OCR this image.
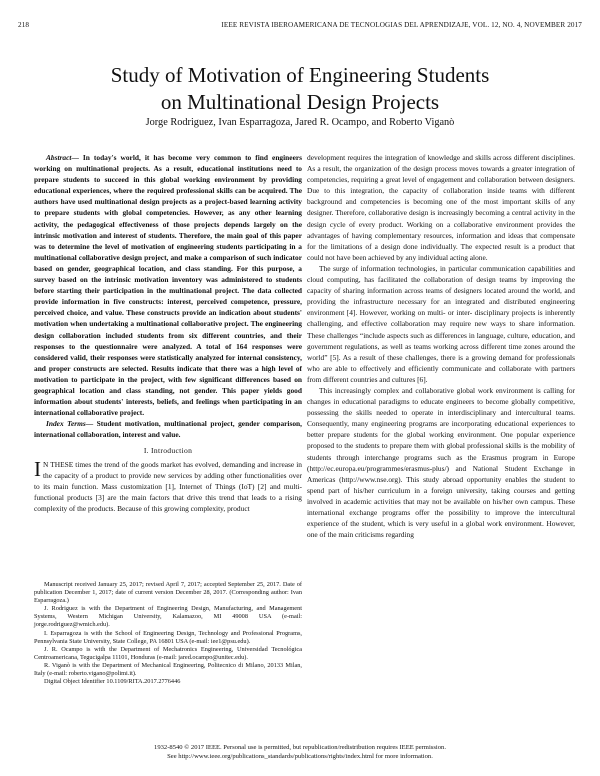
218	IEEE REVISTA IBEROAMERICANA DE TECNOLOGIAS DEL APRENDIZAJE, VOL. 12, NO. 4, NOVEMBER 2017
Study of Motivation of Engineering Students
on Multinational Design Projects
Jorge Rodriguez, Ivan Esparragoza, Jared R. Ocampo, and Roberto Viganò

Abstract— In today's world, it has become very common to find engineers working on multinational projects. As a result, educational institutions need to prepare students to succeed in this global working environment by providing educational experiences, where the required professional skills can be acquired. The authors have used multinational design projects as a project-based learning activity to prepare students with global competencies. However, as any other learning activity, the pedagogical effectiveness of those projects depends largely on the intrinsic motivation and interest of students. Therefore, the main goal of this paper was to determine the level of motivation of engineering students participating in a multinational collaborative design project, and make a comparison of such indicator based on gender, geographical location, and class standing. For this purpose, a survey based on the intrinsic motivation inventory was administered to students before starting their participation in the multinational project. The data collected provide information in five constructs: interest, perceived competence, pressure, perceived choice, and value. These constructs provide an indication about students' motivation when undertaking a multinational collaborative project. The engineering design collaboration included students from six different countries, and their responses to the questionnaire were analyzed. A total of 164 responses were considered valid, their responses were statistically analyzed for internal consistency, and proper constructs are selected. Results indicate that there was a high level of motivation to participate in the project, with few significant differences based on geographical location and class standing, not gender. This paper yields good information about students' interests, beliefs, and feelings when participating in an international collaborative project.

Index Terms— Student motivation, multinational project, gender comparison, international collaboration, interest and value.

I. Introduction

I N THESE times the trend of the goods market has evolved, demanding and increase in the capacity of a product to provide new services by adding other functionalities over to its main function. Mass customization [1], Internet of Things (IoT) [2] and multi-functional products [3] are the main factors that drive this trend that leads to a rising complexity of the products. Because of this growing complexity, product

Manuscript received January 25, 2017; revised April 7, 2017; accepted September 25, 2017. Date of publication December 1, 2017; date of current version December 28, 2017. (Corresponding author: Ivan Esparragoza.)

J. Rodriguez is with the Department of Engineering Design, Manufacturing, and Management Systems, Western Michigan University, Kalamazoo, MI 49008 USA (e-mail: jorge.rodriguez@wmich.edu).

I. Esparragoza is with the School of Engineering Design, Technology and Professional Programs, Pennsylvania State University, State College, PA 16801 USA (e-mail: iee1@psu.edu).

J. R. Ocampo is with the Department of Mechatronics Engineering, Universidad Tecnológica Centroamericana, Tegucigalpa 11101, Honduras (e-mail: jared.ocampo@unitec.edu).

R. Viganò is with the Department of Mechanical Engineering, Politecnico di Milano, 20133 Milan, Italy (e-mail: roberto.vigano@polimi.it).

Digital Object Identifier 10.1109/RITA.2017.2776446

development requires the integration of knowledge and skills across different disciplines. As a result, the organization of the design process moves towards a greater integration of competencies, requiring a great level of engagement and collaboration between designers. Due to this integration, the capacity of collaboration inside teams with different background and competencies is becoming one of the most important skills of any designer. Therefore, collaborative design is increasingly becoming a central activity in the design cycle of every product. Working on a collaborative environment provides the advantages of having complementary resources, information and ideas that compensate for the limitations of a design done individually. The expected result is a product that could not have been achieved by any individual acting alone.

The surge of information technologies, in particular communication capabilities and cloud computing, has facilitated the collaboration of design teams by improving the capacity of sharing information across teams of designers located around the world, and providing the infrastructure necessary for an integrated and distributed engineering environment [4]. However, working on multi- or inter- disciplinary projects is inherently challenging, and effective collaboration may require new ways to share information. These challenges “include aspects such as differences in language, culture, education, and government regulations, as well as teams working across different time zones around the world” [5]. As a result of these challenges, there is a growing demand for professionals who are able to effectively and efficiently communicate and collaborate with partners from different countries and cultures [6].

This increasingly complex and collaborative global work environment is calling for changes in educational paradigms to educate engineers to become globally competitive, possessing the skills needed to operate in interdisciplinary and intercultural teams. Consequently, many engineering programs are incorporating educational experiences to better prepare students for the global working environment. One popular experience proposed to the students to prepare them with global professional skills is the mobility of students through interchange programs such as the Erasmus program in Europe (http://ec.europa.eu/programmes/erasmus-plus/) and National Student Exchange in Americas (http://www.nse.org). This study abroad opportunity enables the student to spend part of his/her curriculum in a foreign university, taking courses and getting involved in academic activities that may not be available on his/her own campus. These international exchange programs offer the possibility to improve the intercultural experience of the student, which is very useful in a global work environment. However, one of the main criticisms regarding

1932-8540 © 2017 IEEE. Personal use is permitted, but republication/redistribution requires IEEE permission.
See http://www.ieee.org/publications_standards/publications/rights/index.html for more information.
